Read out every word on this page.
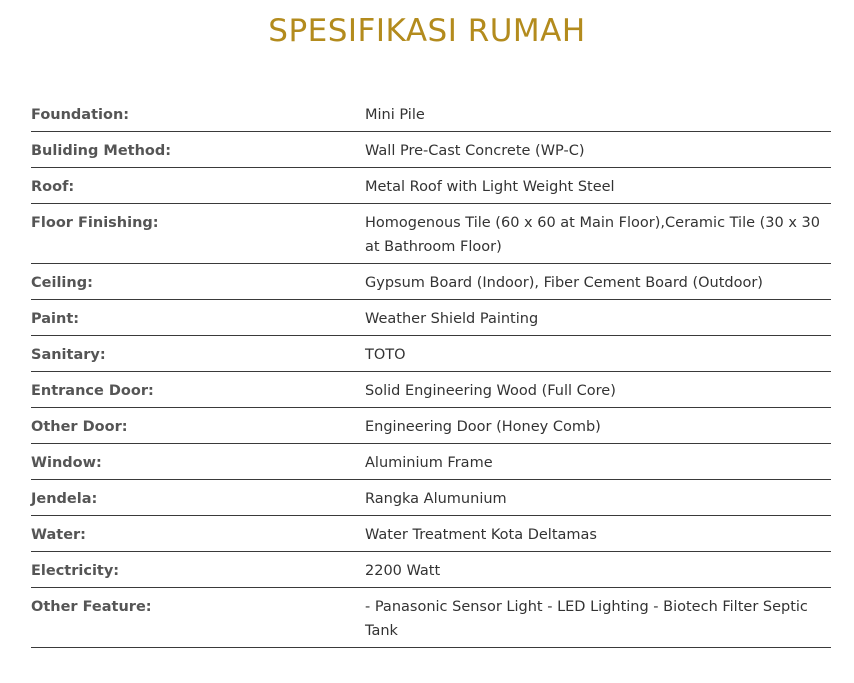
SPESIFIKASI RUMAH
Foundation:	Mini Pile
Buliding Method:	Wall Pre-Cast Concrete (WP-C)
Roof:	Metal Roof with Light Weight Steel
Floor Finishing:	Homogenous Tile (60 x 60 at Main Floor),Ceramic Tile (30 x 30 at Bathroom Floor)
Ceiling:	Gypsum Board (Indoor), Fiber Cement Board (Outdoor)
Paint:	Weather Shield Painting
Sanitary:	TOTO
Entrance Door:	Solid Engineering Wood (Full Core)
Other Door:	Engineering Door (Honey Comb)
Window:	Aluminium Frame
Jendela:	Rangka Alumunium
Water:	Water Treatment Kota Deltamas
Electricity:	2200 Watt
Other Feature:	- Panasonic Sensor Light - LED Lighting - Biotech Filter Septic Tank
